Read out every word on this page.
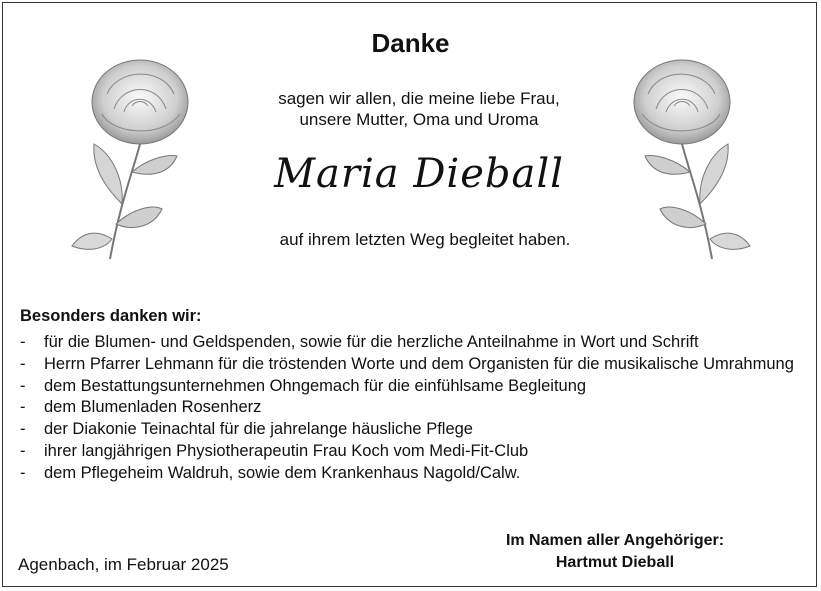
Danke
sagen wir allen, die meine liebe Frau,
unsere Mutter, Oma und Uroma
Maria Dieball
auf ihrem letzten Weg begleitet haben.
Besonders danken wir:
- für die Blumen- und Geldspenden, sowie für die herzliche Anteilnahme in Wort und Schrift
- Herrn Pfarrer Lehmann für die tröstenden Worte und dem Organisten für die musikalische Umrahmung
- dem Bestattungsunternehmen Ohngemach für die einfühlsame Begleitung
- dem Blumenladen Rosenherz
- der Diakonie Teinachtal für die jahrelange häusliche Pflege
- ihrer langjährigen Physiotherapeutin Frau Koch vom Medi-Fit-Club
- dem Pflegeheim Waldruh, sowie dem Krankenhaus Nagold/Calw.
Im Namen aller Angehöriger:
Hartmut Dieball
Agenbach, im Februar 2025
